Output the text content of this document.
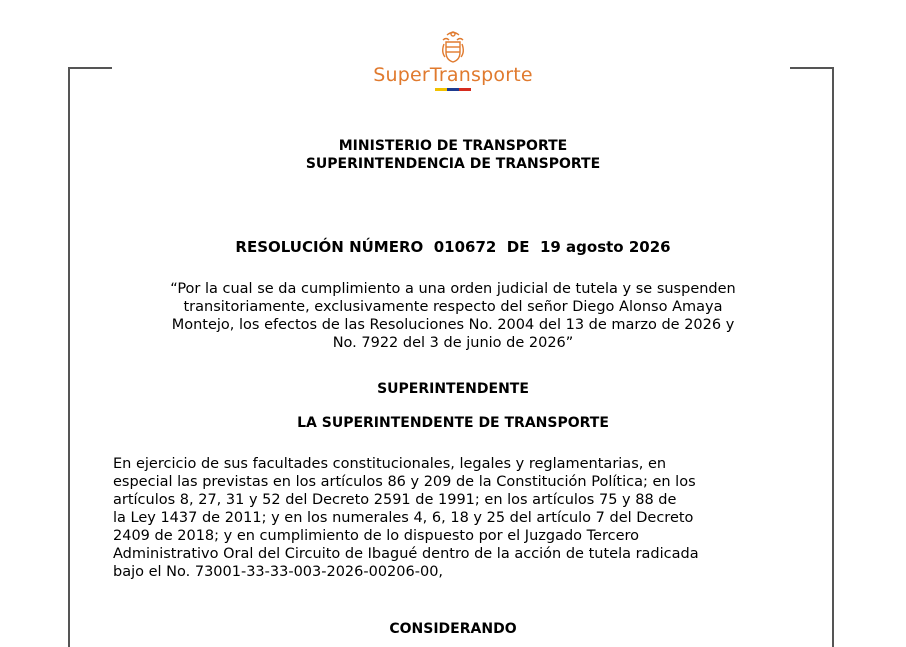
SuperTransporte
MINISTERIO DE TRANSPORTE
SUPERINTENDENCIA DE TRANSPORTE
RESOLUCIÓN NÚMERO  010672  DE  19 agosto 2026
“Por la cual se da cumplimiento a una orden judicial de tutela y se suspenden
transitoriamente, exclusivamente respecto del señor Diego Alonso Amaya
Montejo, los efectos de las Resoluciones No. 2004 del 13 de marzo de 2026 y
No. 7922 del 3 de junio de 2026”
SUPERINTENDENTE
LA SUPERINTENDENTE DE TRANSPORTE
En ejercicio de sus facultades constitucionales, legales y reglamentarias, en
especial las previstas en los artículos 86 y 209 de la Constitución Política; en los
artículos 8, 27, 31 y 52 del Decreto 2591 de 1991; en los artículos 75 y 88 de
la Ley 1437 de 2011; y en los numerales 4, 6, 18 y 25 del artículo 7 del Decreto
2409 de 2018; y en cumplimiento de lo dispuesto por el Juzgado Tercero
Administrativo Oral del Circuito de Ibagué dentro de la acción de tutela radicada
bajo el No. 73001-33-33-003-2026-00206-00,
CONSIDERANDO
